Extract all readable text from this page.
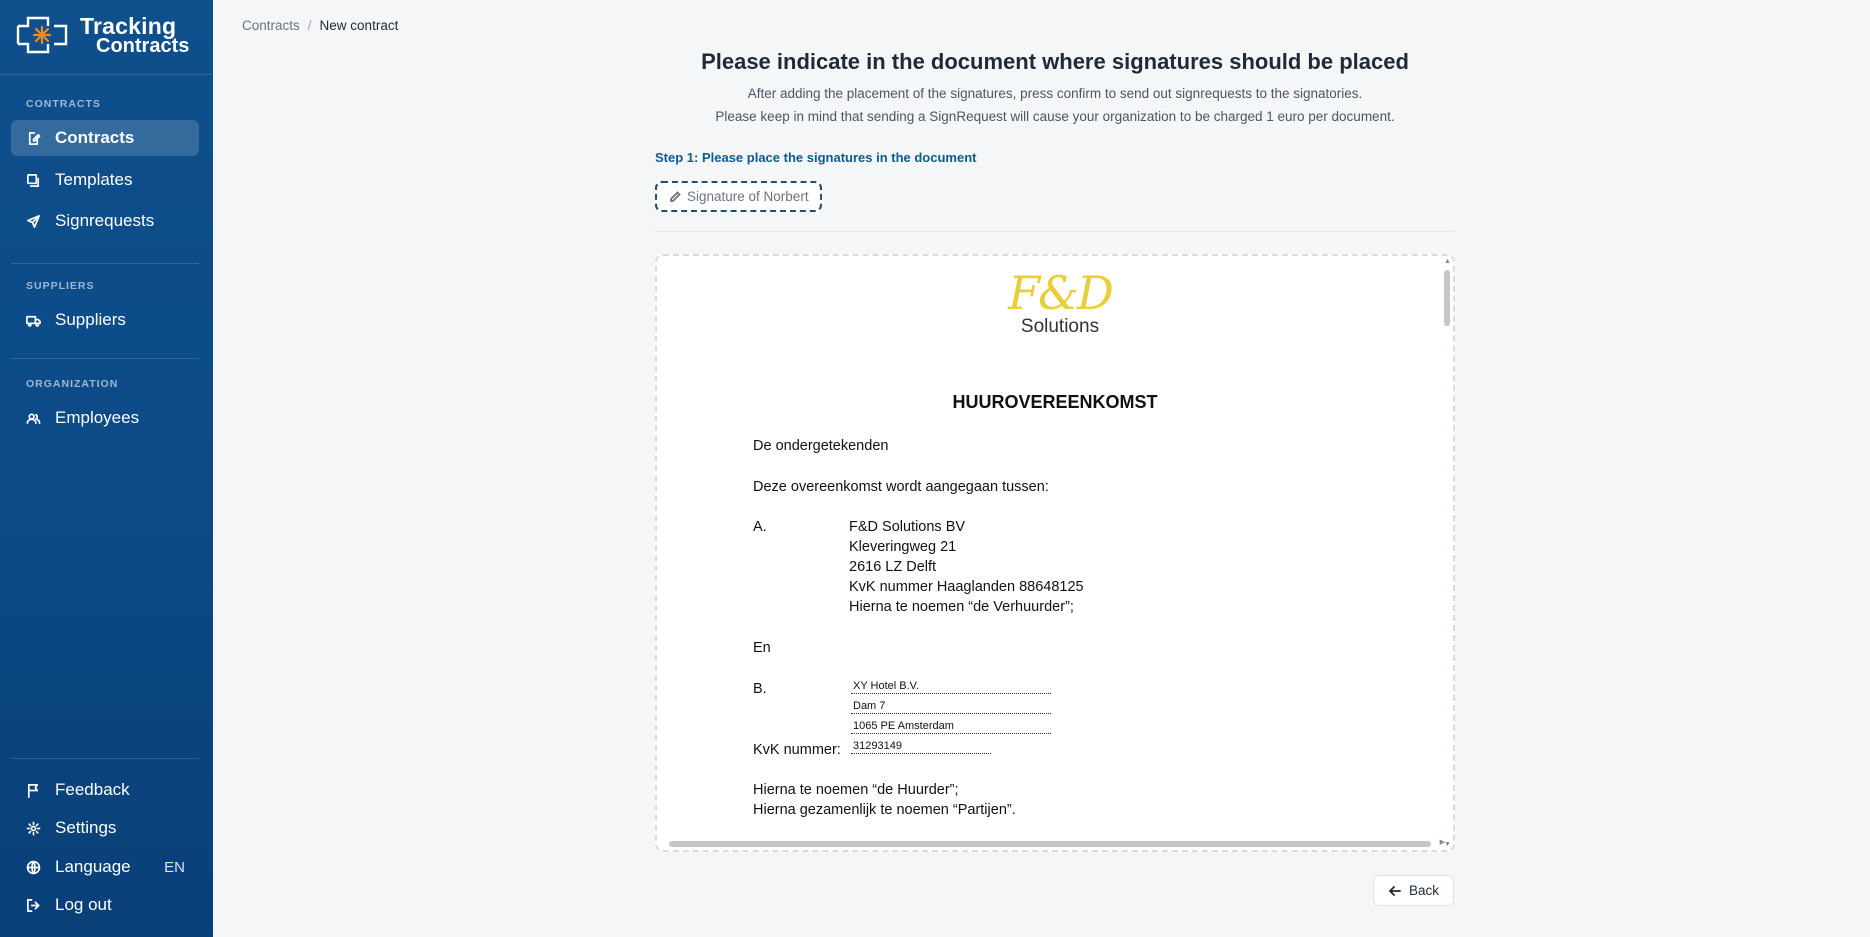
Tracking
Contracts
CONTRACTS
Contracts
Templates
Signrequests
SUPPLIERS
Suppliers
ORGANIZATION
Employees
Feedback
Settings
Language EN
Log out
Contracts / New contract
Please indicate in the document where signatures should be placed
After adding the placement of the signatures, press confirm to send out signrequests to the signatories.
Please keep in mind that sending a SignRequest will cause your organization to be charged 1 euro per document.
Step 1: Please place the signatures in the document
Signature of Norbert
F&D
Solutions
HUUROVEREENKOMST
De ondergetekenden
Deze overeenkomst wordt aangegaan tussen:
A.	F&D Solutions BV
Kleveringweg 21
2616 LZ Delft
KvK nummer Haaglanden 88648125
Hierna te noemen “de Verhuurder”;
En
B.	XY Hotel B.V.
Dam 7
1065 PE Amsterdam
KvK nummer: 31293149
Hierna te noemen “de Huurder”;
Hierna gezamenlijk te noemen “Partijen”.
▲
▼
▶
Back
